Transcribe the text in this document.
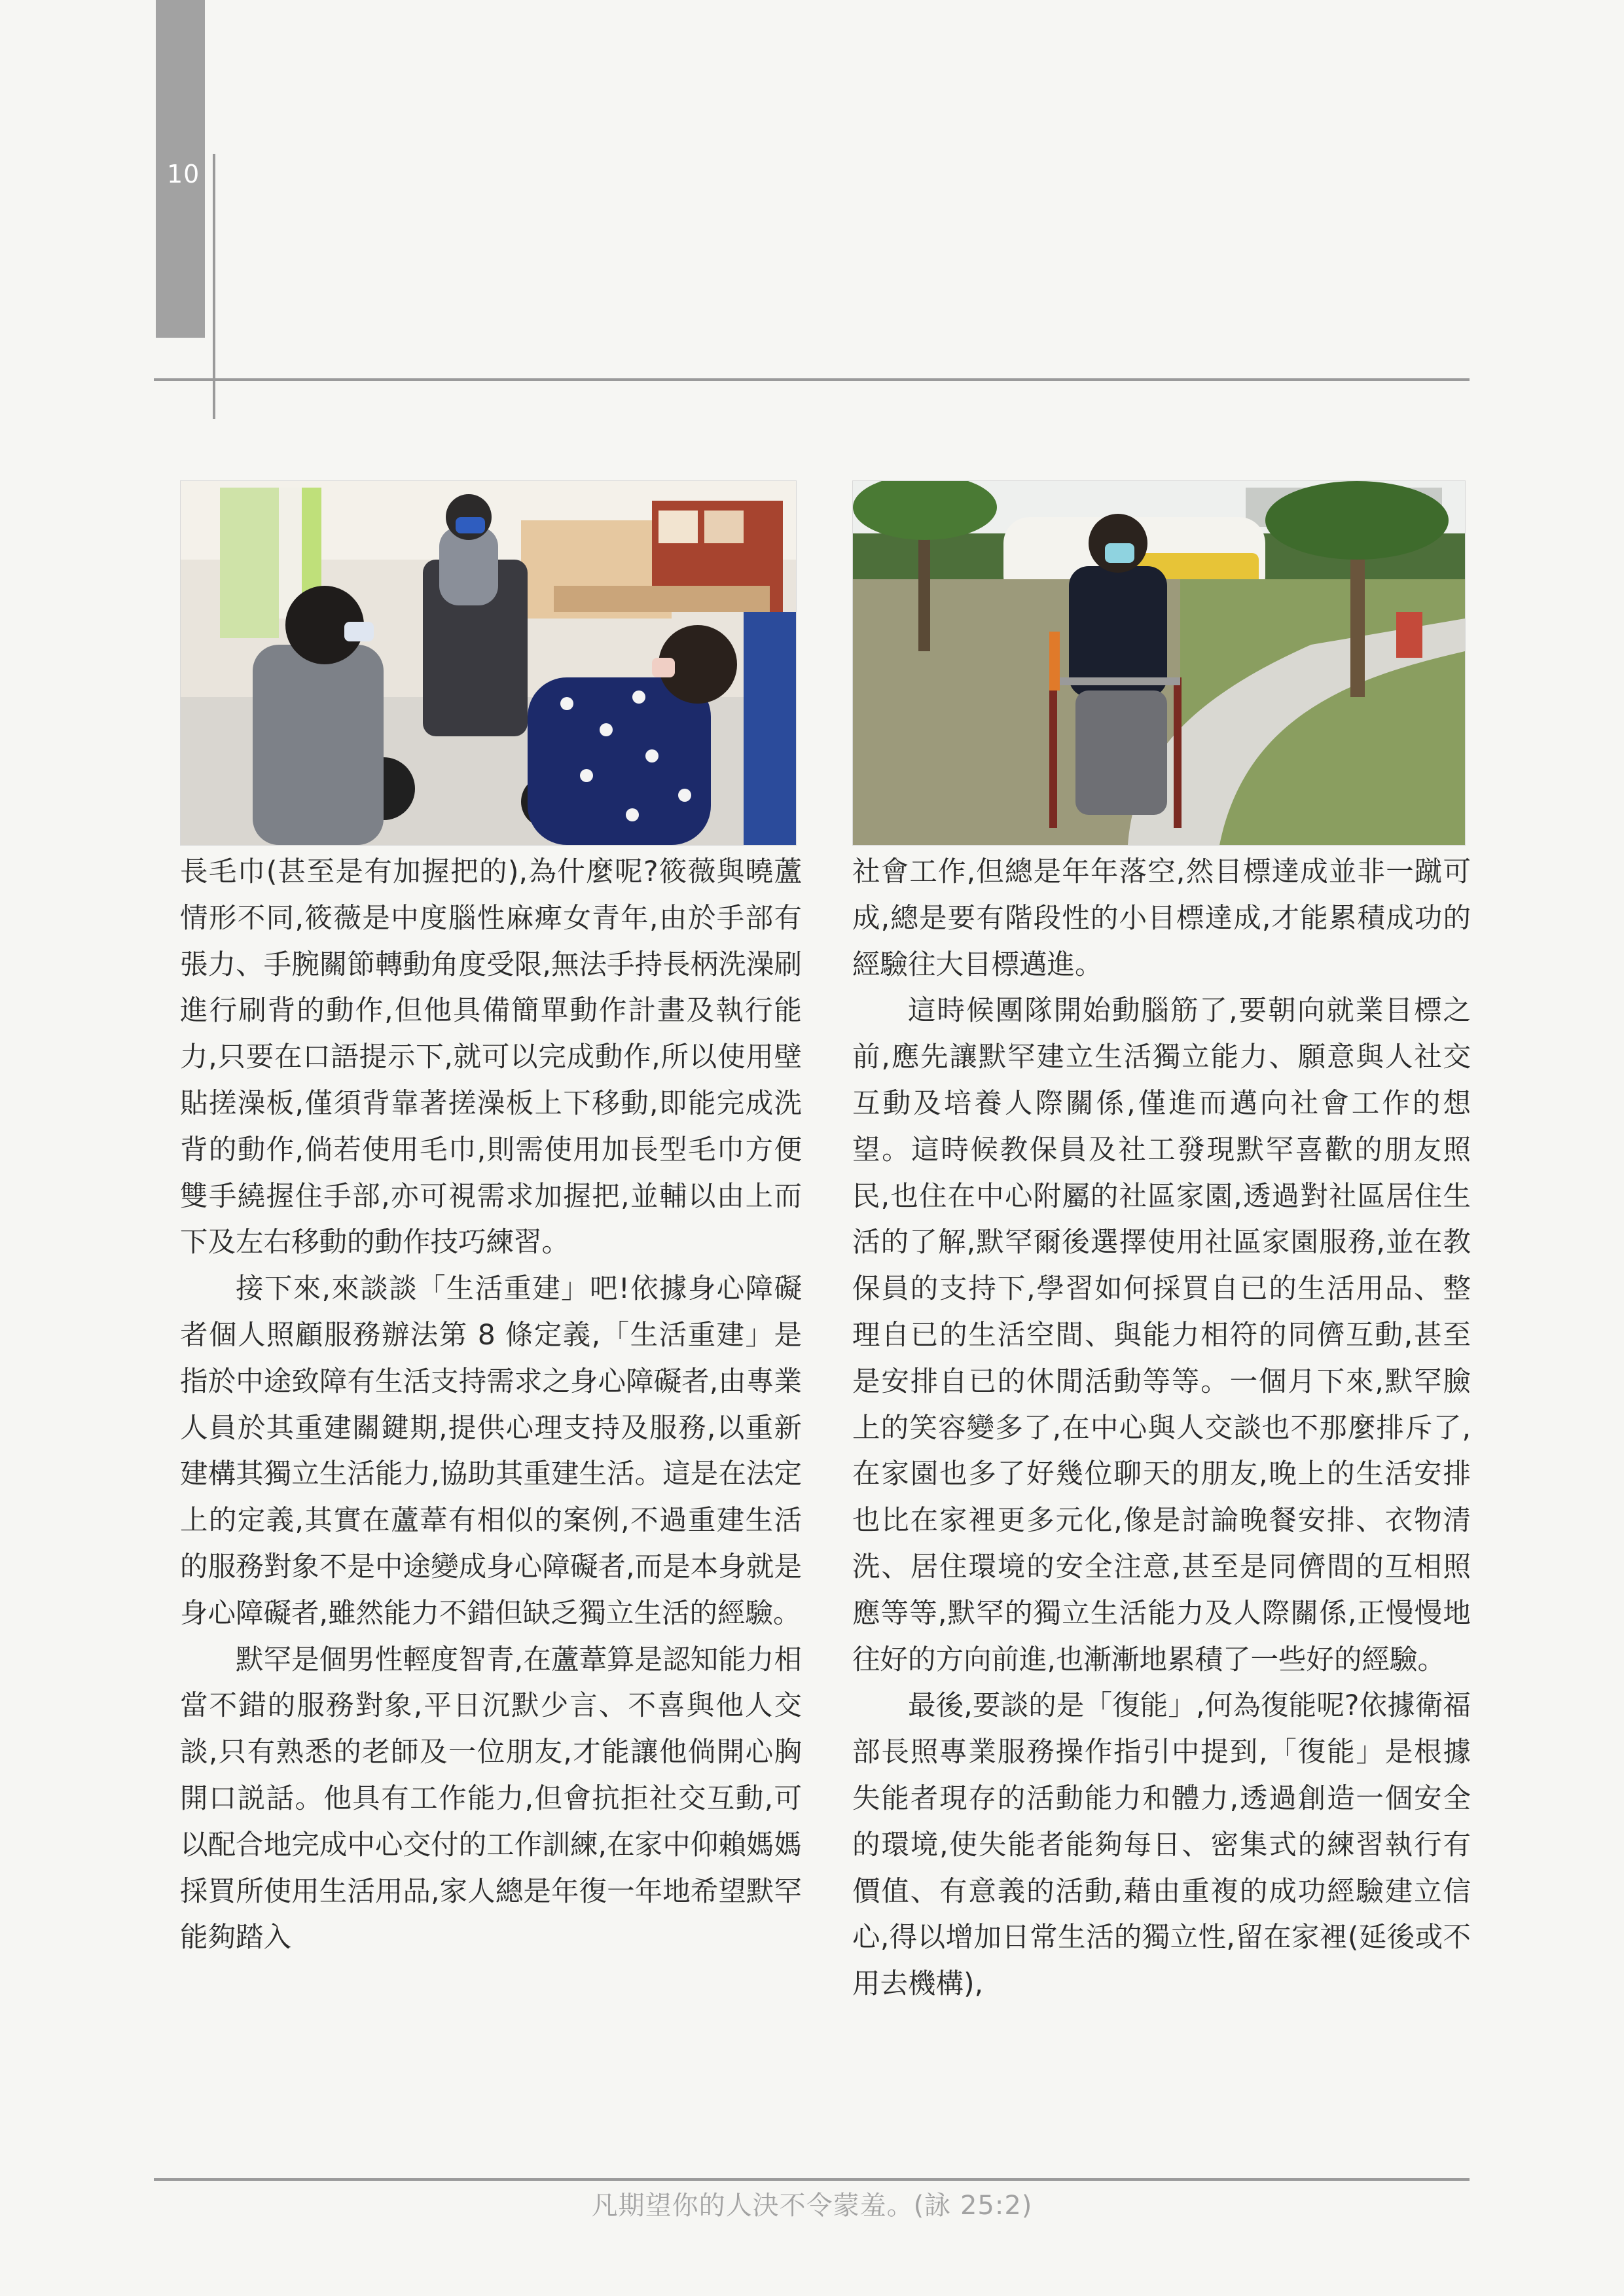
10

長毛巾(甚至是有加握把的),為什麼呢?筱薇與曉蘆情形不同,筱薇是中度腦性麻痺女青年,由於手部有張力、手腕關節轉動角度受限,無法手持長柄洗澡刷進行刷背的動作,但他具備簡單動作計畫及執行能力,只要在口語提示下,就可以完成動作,所以使用壁貼搓澡板,僅須背靠著搓澡板上下移動,即能完成洗背的動作,倘若使用毛巾,則需使用加長型毛巾方便雙手繞握住手部,亦可視需求加握把,並輔以由上而下及左右移動的動作技巧練習。

接下來,來談談「生活重建」吧!依據身心障礙者個人照顧服務辦法第 8 條定義,「生活重建」是指於中途致障有生活支持需求之身心障礙者,由專業人員於其重建關鍵期,提供心理支持及服務,以重新建構其獨立生活能力,協助其重建生活。這是在法定上的定義,其實在蘆葦有相似的案例,不過重建生活的服務對象不是中途變成身心障礙者,而是本身就是身心障礙者,雖然能力不錯但缺乏獨立生活的經驗。

默罕是個男性輕度智青,在蘆葦算是認知能力相當不錯的服務對象,平日沉默少言、不喜與他人交談,只有熟悉的老師及一位朋友,才能讓他倘開心胸開口説話。他具有工作能力,但會抗拒社交互動,可以配合地完成中心交付的工作訓練,在家中仰賴媽媽採買所使用生活用品,家人總是年復一年地希望默罕能夠踏入

社會工作,但總是年年落空,然目標達成並非一蹴可成,總是要有階段性的小目標達成,才能累積成功的經驗往大目標邁進。

這時候團隊開始動腦筋了,要朝向就業目標之前,應先讓默罕建立生活獨立能力、願意與人社交互動及培養人際關係,僅進而邁向社會工作的想望。這時候教保員及社工發現默罕喜歡的朋友照民,也住在中心附屬的社區家園,透過對社區居住生活的了解,默罕爾後選擇使用社區家園服務,並在教保員的支持下,學習如何採買自已的生活用品、整理自已的生活空間、與能力相符的同儕互動,甚至是安排自已的休閒活動等等。一個月下來,默罕臉上的笑容變多了,在中心與人交談也不那麼排斥了,在家園也多了好幾位聊天的朋友,晚上的生活安排也比在家裡更多元化,像是討論晚餐安排、衣物清洗、居住環境的安全注意,甚至是同儕間的互相照應等等,默罕的獨立生活能力及人際關係,正慢慢地往好的方向前進,也漸漸地累積了一些好的經驗。

最後,要談的是「復能」,何為復能呢?依據衛福部長照專業服務操作指引中提到,「復能」是根據失能者現存的活動能力和體力,透過創造一個安全的環境,使失能者能夠每日、密集式的練習執行有價值、有意義的活動,藉由重複的成功經驗建立信心,得以增加日常生活的獨立性,留在家裡(延後或不用去機構),

凡期望你的人決不令蒙羞。(詠 25:2)
